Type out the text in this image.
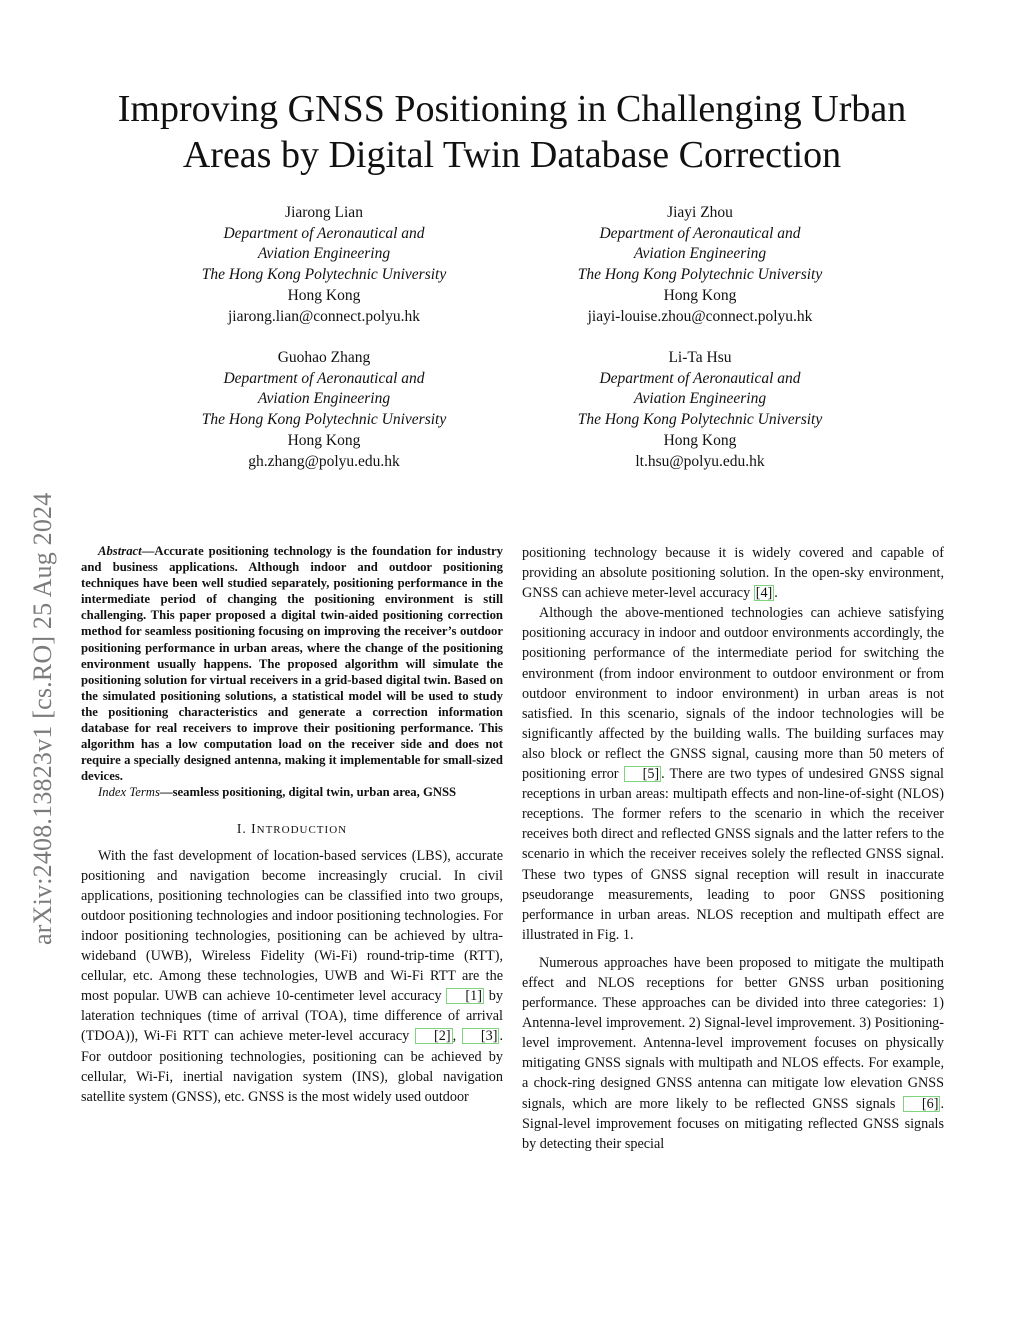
arXiv:2408.13823v1 [cs.RO] 25 Aug 2024
Improving GNSS Positioning in Challenging Urban
Areas by Digital Twin Database Correction
Jiarong Lian
Department of Aeronautical and
Aviation Engineering
The Hong Kong Polytechnic University
Hong Kong
jiarong.lian@connect.polyu.hk
Jiayi Zhou
Department of Aeronautical and
Aviation Engineering
The Hong Kong Polytechnic University
Hong Kong
jiayi-louise.zhou@connect.polyu.hk
Guohao Zhang
Department of Aeronautical and
Aviation Engineering
The Hong Kong Polytechnic University
Hong Kong
gh.zhang@polyu.edu.hk
Li-Ta Hsu
Department of Aeronautical and
Aviation Engineering
The Hong Kong Polytechnic University
Hong Kong
lt.hsu@polyu.edu.hk

Abstract—Accurate positioning technology is the foundation for industry and business applications. Although indoor and outdoor positioning techniques have been well studied separately, positioning performance in the intermediate period of changing the positioning environment is still challenging. This paper proposed a digital twin-aided positioning correction method for seamless positioning focusing on improving the receiver’s outdoor positioning performance in urban areas, where the change of the positioning environment usually happens. The proposed algorithm will simulate the positioning solution for virtual receivers in a grid-based digital twin. Based on the simulated positioning solutions, a statistical model will be used to study the positioning characteristics and generate a correction information database for real receivers to improve their positioning performance. This algorithm has a low computation load on the receiver side and does not require a specially designed antenna, making it implementable for small-sized devices.

Index Terms—seamless positioning, digital twin, urban area, GNSS

I. INTRODUCTION

With the fast development of location-based services (LBS), accurate positioning and navigation become increasingly crucial. In civil applications, positioning technologies can be classified into two groups, outdoor positioning technologies and indoor positioning technologies. For indoor positioning technologies, positioning can be achieved by ultra-wideband (UWB), Wireless Fidelity (Wi-Fi) round-trip-time (RTT), cellular, etc. Among these technologies, UWB and Wi-Fi RTT are the most popular. UWB can achieve 10-centimeter level accuracy [1] by lateration techniques (time of arrival (TOA), time difference of arrival (TDOA)), Wi-Fi RTT can achieve meter-level accuracy [2] , [3] . For outdoor positioning technologies, positioning can be achieved by cellular, Wi-Fi, inertial navigation system (INS), global navigation satellite system (GNSS), etc. GNSS is the most widely used outdoor

positioning technology because it is widely covered and capable of providing an absolute positioning solution. In the open-sky environment, GNSS can achieve meter-level accuracy [4] .

Although the above-mentioned technologies can achieve satisfying positioning accuracy in indoor and outdoor environments accordingly, the positioning performance of the intermediate period for switching the environment (from indoor environment to outdoor environment or from outdoor environment to indoor environment) in urban areas is not satisfied. In this scenario, signals of the indoor technologies will be significantly affected by the building walls. The building surfaces may also block or reflect the GNSS signal, causing more than 50 meters of positioning error [5] . There are two types of undesired GNSS signal receptions in urban areas: multipath effects and non-line-of-sight (NLOS) receptions. The former refers to the scenario in which the receiver receives both direct and reflected GNSS signals and the latter refers to the scenario in which the receiver receives solely the reflected GNSS signal. These two types of GNSS signal reception will result in inaccurate pseudorange measurements, leading to poor GNSS positioning performance in urban areas. NLOS reception and multipath effect are illustrated in Fig. 1.

Numerous approaches have been proposed to mitigate the multipath effect and NLOS receptions for better GNSS urban positioning performance. These approaches can be divided into three categories: 1) Antenna-level improvement. 2) Signal-level improvement. 3) Positioning-level improvement. Antenna-level improvement focuses on physically mitigating GNSS signals with multipath and NLOS effects. For example, a chock-ring designed GNSS antenna can mitigate low elevation GNSS signals, which are more likely to be reflected GNSS signals [6] . Signal-level improvement focuses on mitigating reflected GNSS signals by detecting their special
